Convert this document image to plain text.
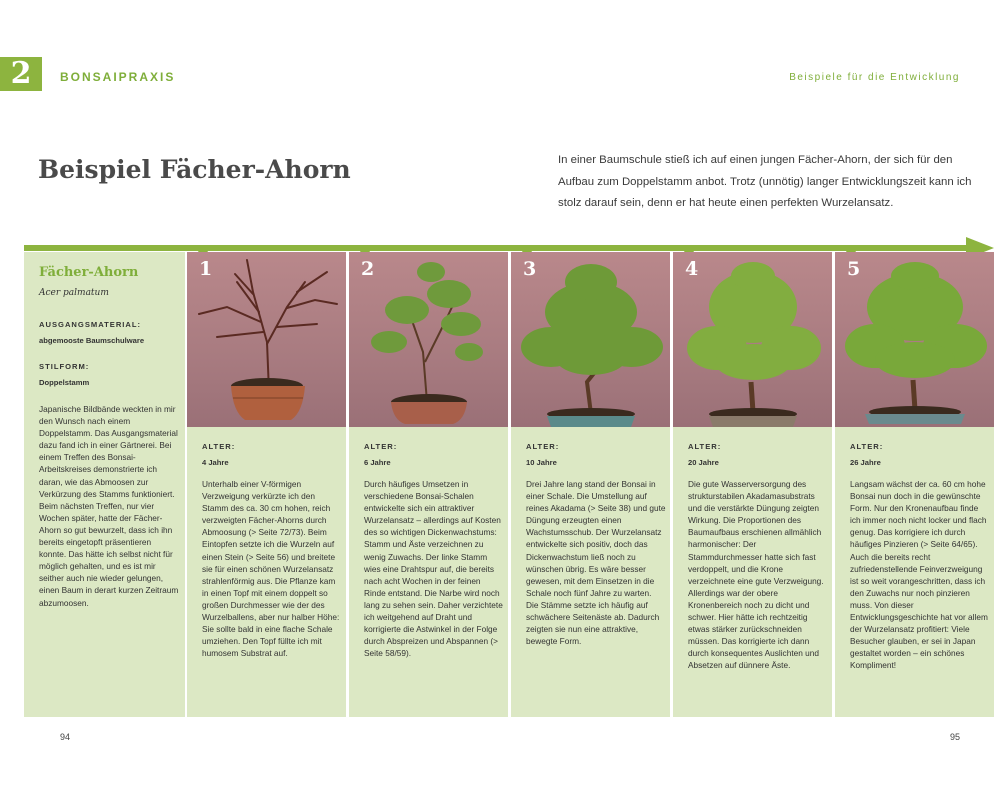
2	BONSAIPRAXIS	Beispiele für die Entwicklung
Beispiel Fächer-Ahorn	In einer Baumschule stieß ich auf einen jungen Fächer-Ahorn, der sich für den Aufbau zum Doppelstamm anbot. Trotz (unnötig) langer Entwicklungszeit kann ich stolz darauf sein, denn er hat heute einen perfekten Wurzelansatz.
Fächer-Ahorn
Acer palmatum
AUSGANGSMATERIAL:
abgemooste Baumschulware
STILFORM:
Doppelstamm
Japanische Bildbände weckten in mir den Wunsch nach einem Doppelstamm. Das Ausgangsmaterial dazu fand ich in einer Gärtnerei. Bei einem Treffen des Bonsai-Arbeitskreises demonstrierte ich daran, wie das Abmoosen zur Verkürzung des Stamms funktioniert. Beim nächsten Treffen, nur vier Wochen später, hatte der Fächer-Ahorn so gut bewurzelt, dass ich ihn bereits eingetopft präsentieren konnte. Das hätte ich selbst nicht für möglich gehalten, und es ist mir seither auch nie wieder gelungen, einen Baum in derart kurzen Zeitraum abzumoosen.
1
ALTER:
4 Jahre
Unterhalb einer V-förmigen Verzweigung verkürzte ich den Stamm des ca. 30 cm hohen, reich verzweigten Fächer-Ahorns durch Abmoosung (> Seite 72/73). Beim Eintopfen setzte ich die Wurzeln auf einen Stein (> Seite 56) und breitete sie für einen schönen Wurzelansatz strahlenförmig aus. Die Pflanze kam in einen Topf mit einem doppelt so großen Durchmesser wie der des Wurzelballens, aber nur halber Höhe: Sie sollte bald in eine flache Schale umziehen. Den Topf füllte ich mit humosem Substrat auf.
2
ALTER:
6 Jahre
Durch häufiges Umsetzen in verschiedene Bonsai-Schalen entwickelte sich ein attraktiver Wurzelansatz – allerdings auf Kosten des so wichtigen Dickenwachstums: Stamm und Äste verzeichnen zu wenig Zuwachs. Der linke Stamm wies eine Drahtspur auf, die bereits nach acht Wochen in der feinen Rinde entstand. Die Narbe wird noch lang zu sehen sein. Daher verzichtete ich weitgehend auf Draht und korrigierte die Astwinkel in der Folge durch Abspreizen und Abspannen (> Seite 58/59).
3
ALTER:
10 Jahre
Drei Jahre lang stand der Bonsai in einer Schale. Die Umstellung auf reines Akadama (> Seite 38) und gute Düngung erzeugten einen Wachstumsschub. Der Wurzelansatz entwickelte sich positiv, doch das Dickenwachstum ließ noch zu wünschen übrig. Es wäre besser gewesen, mit dem Einsetzen in die Schale noch fünf Jahre zu warten. Die Stämme setzte ich häufig auf schwächere Seitenäste ab. Dadurch zeigten sie nun eine attraktive, bewegte Form.
4
ALTER:
20 Jahre
Die gute Wasserversorgung des strukturstabilen Akadamasubstrats und die verstärkte Düngung zeigten Wirkung. Die Proportionen des Baumaufbaus erschienen allmählich harmonischer: Der Stammdurchmesser hatte sich fast verdoppelt, und die Krone verzeichnete eine gute Verzweigung. Allerdings war der obere Kronenbereich noch zu dicht und schwer. Hier hätte ich rechtzeitig etwas stärker zurückschneiden müssen. Das korrigierte ich dann durch konsequentes Auslichten und Absetzen auf dünnere Äste.
5
ALTER:
26 Jahre
Langsam wächst der ca. 60 cm hohe Bonsai nun doch in die gewünschte Form. Nur den Kronenaufbau finde ich immer noch nicht locker und flach genug. Das korrigiere ich durch häufiges Pinzieren (> Seite 64/65). Auch die bereits recht zufriedenstellende Feinverzweigung ist so weit vorangeschritten, dass ich den Zuwachs nur noch pinzieren muss. Von dieser Entwicklungsgeschichte hat vor allem der Wurzelansatz profitiert: Viele Besucher glauben, er sei in Japan gestaltet worden – ein schönes Kompliment!
94	95
